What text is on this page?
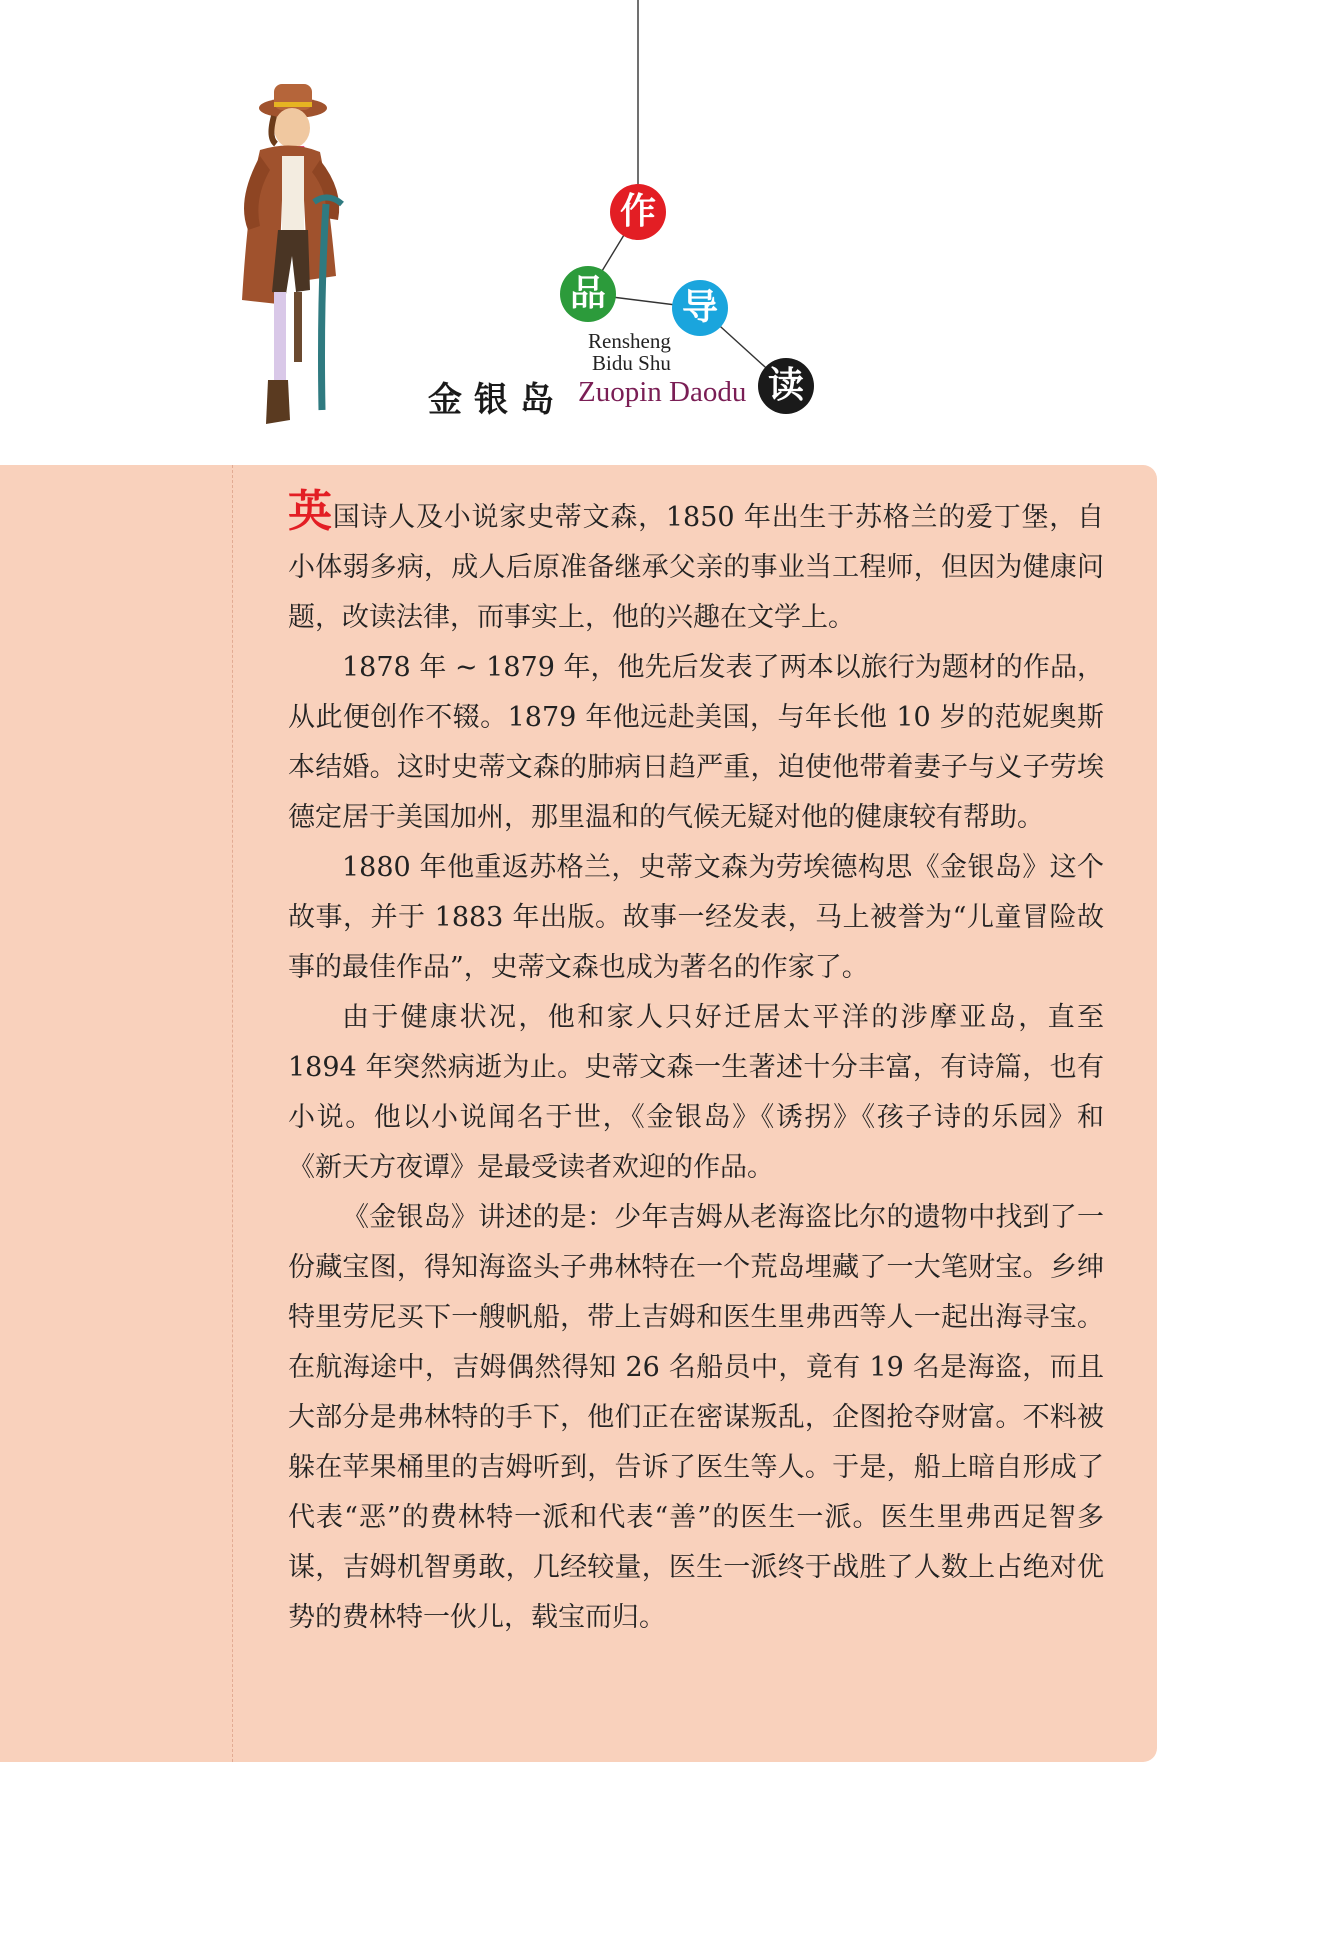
作
品 导
读
Rensheng
Bidu Shu
金银岛 Zuopin Daodu

英国诗人及小说家史蒂文森，1850 年出生于苏格兰的爱丁堡，自小体弱多病，成人后原准备继承父亲的事业当工程师，但因为健康问题，改读法律，而事实上，他的兴趣在文学上。

1878 年 ~ 1879 年，他先后发表了两本以旅行为题材的作品，从此便创作不辍。1879 年他远赴美国，与年长他 10 岁的范妮奥斯本结婚。这时史蒂文森的肺病日趋严重，迫使他带着妻子与义子劳埃德定居于美国加州，那里温和的气候无疑对他的健康较有帮助。

1880 年他重返苏格兰，史蒂文森为劳埃德构思《金银岛》这个故事，并于 1883 年出版。故事一经发表，马上被誉为“儿童冒险故事的最佳作品”，史蒂文森也成为著名的作家了。

由于健康状况，他和家人只好迁居太平洋的涉摩亚岛，直至 1894 年突然病逝为止。史蒂文森一生著述十分丰富，有诗篇，也有小说。他以小说闻名于世，《金银岛》《诱拐》《孩子诗的乐园》和《新天方夜谭》是最受读者欢迎的作品。

《金银岛》讲述的是：少年吉姆从老海盗比尔的遗物中找到了一份藏宝图，得知海盗头子弗林特在一个荒岛埋藏了一大笔财宝。乡绅特里劳尼买下一艘帆船，带上吉姆和医生里弗西等人一起出海寻宝。在航海途中，吉姆偶然得知 26 名船员中，竟有 19 名是海盗，而且大部分是弗林特的手下，他们正在密谋叛乱，企图抢夺财富。不料被躲在苹果桶里的吉姆听到，告诉了医生等人。于是，船上暗自形成了代表“恶”的费林特一派和代表“善”的医生一派。医生里弗西足智多谋，吉姆机智勇敢，几经较量，医生一派终于战胜了人数上占绝对优势的费林特一伙儿，载宝而归。
